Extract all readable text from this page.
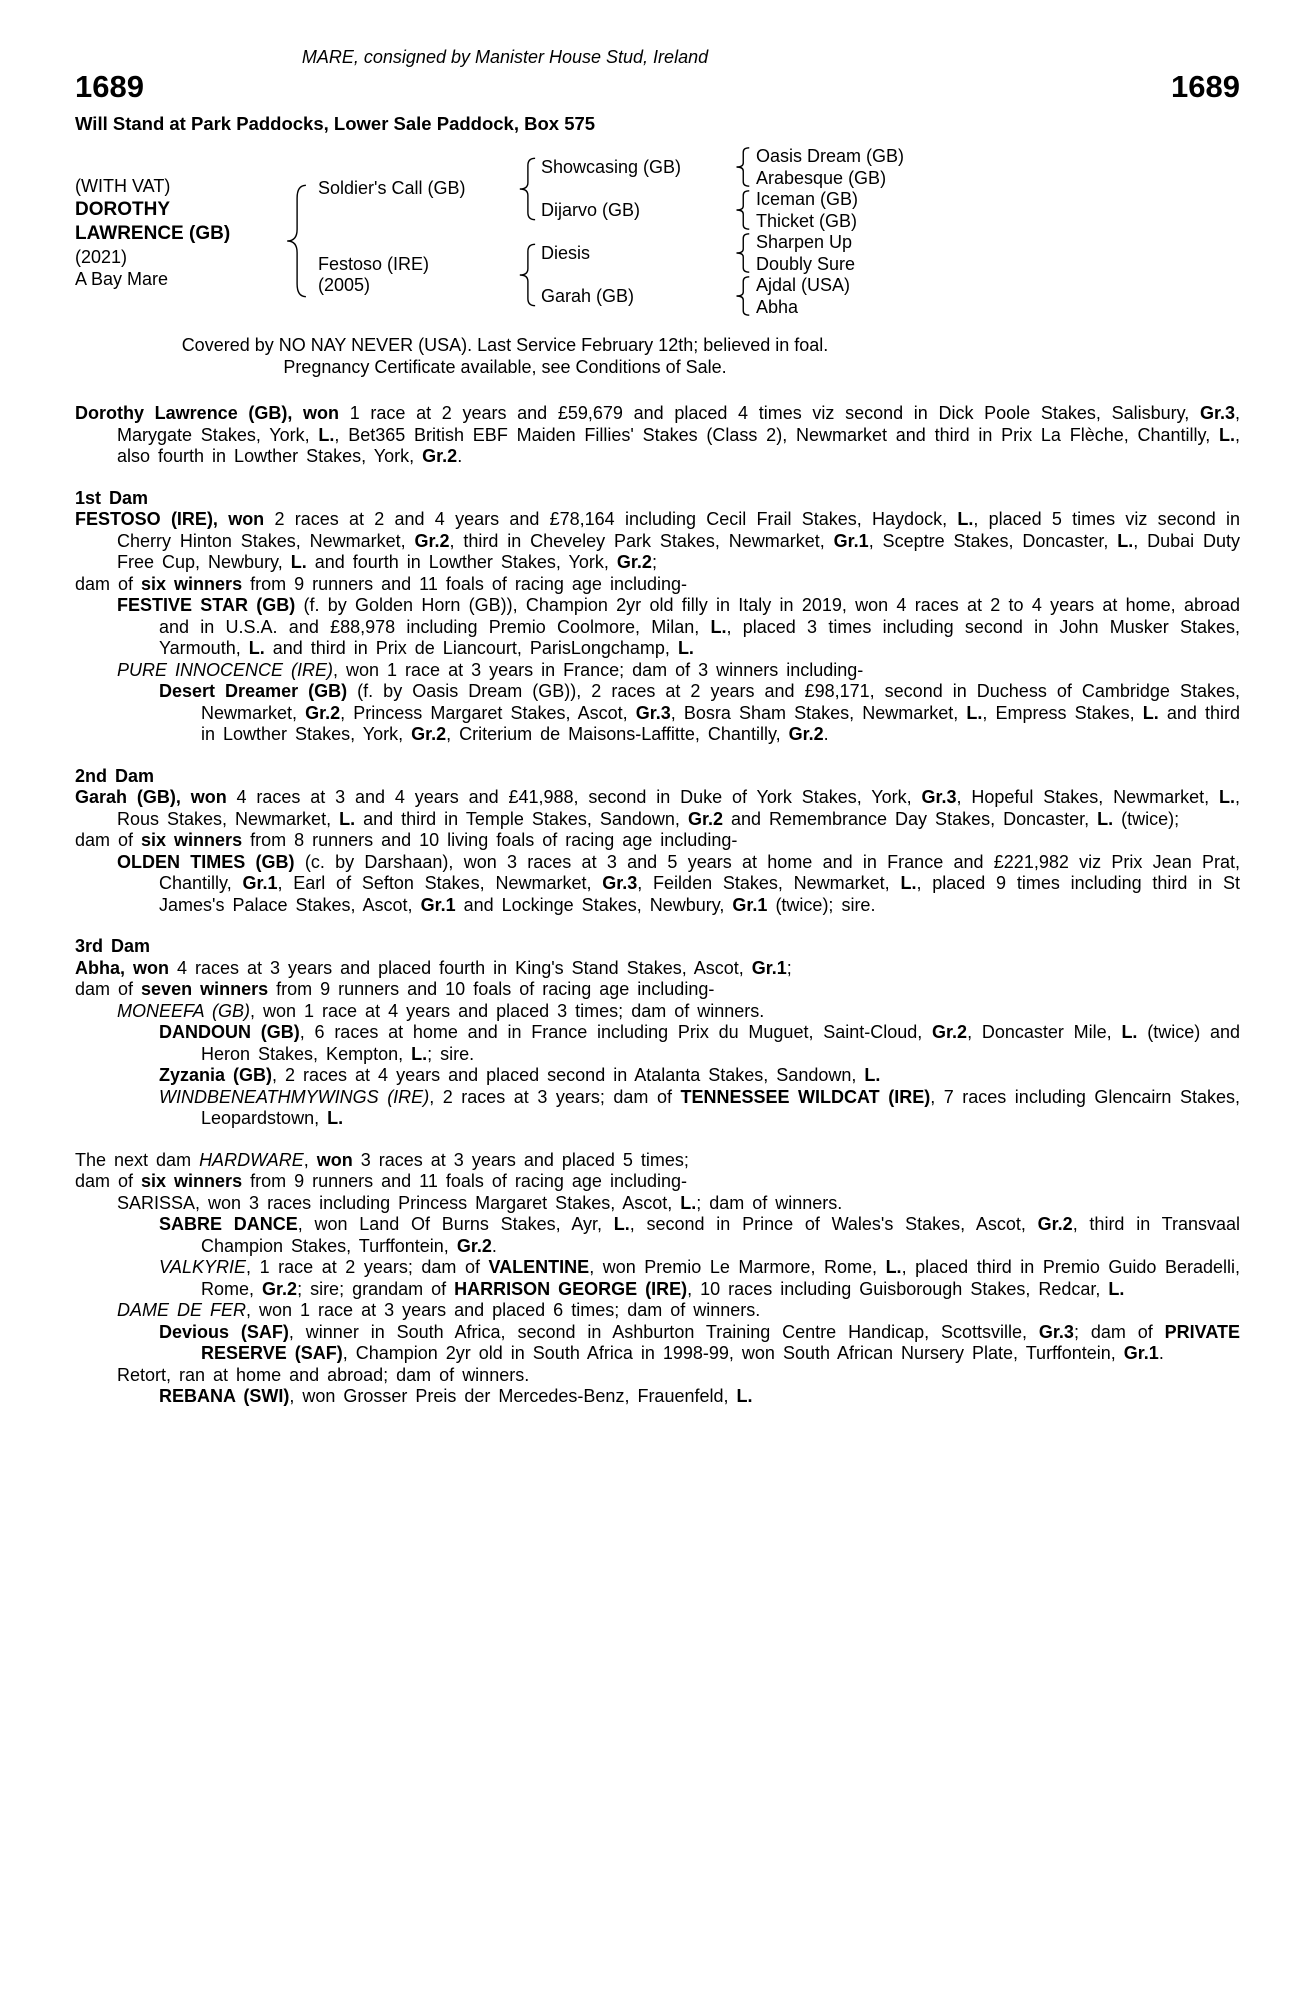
MARE, consigned by Manister House Stud, Ireland
1689	1689
Will Stand at Park Paddocks, Lower Sale Paddock, Box 575
(WITH VAT)
DOROTHY
LAWRENCE (GB)
(2021)
A Bay Mare
Soldier's Call (GB)
Festoso (IRE)
(2005)
Showcasing (GB)
Dijarvo (GB)
Diesis
Garah (GB)
Oasis Dream (GB)
Arabesque (GB)
Iceman (GB)
Thicket (GB)
Sharpen Up
Doubly Sure
Ajdal (USA)
Abha
Covered by NO NAY NEVER (USA). Last Service February 12th; believed in foal.
Pregnancy Certificate available, see Conditions of Sale.

Dorothy Lawrence (GB), won 1 race at 2 years and £59,679 and placed 4 times viz second in Dick Poole Stakes, Salisbury, Gr.3, Marygate Stakes, York, L., Bet365 British EBF Maiden Fillies' Stakes (Class 2), Newmarket and third in Prix La Flèche, Chantilly, L., also fourth in Lowther Stakes, York, Gr.2.

1st Dam

FESTOSO (IRE), won 2 races at 2 and 4 years and £78,164 including Cecil Frail Stakes, Haydock, L., placed 5 times viz second in Cherry Hinton Stakes, Newmarket, Gr.2, third in Cheveley Park Stakes, Newmarket, Gr.1, Sceptre Stakes, Doncaster, L., Dubai Duty Free Cup, Newbury, L. and fourth in Lowther Stakes, York, Gr.2;

dam of six winners from 9 runners and 11 foals of racing age including-

FESTIVE STAR (GB) (f. by Golden Horn (GB)), Champion 2yr old filly in Italy in 2019, won 4 races at 2 to 4 years at home, abroad and in U.S.A. and £88,978 including Premio Coolmore, Milan, L., placed 3 times including second in John Musker Stakes, Yarmouth, L. and third in Prix de Liancourt, ParisLongchamp, L.

PURE INNOCENCE (IRE), won 1 race at 3 years in France; dam of 3 winners including-

Desert Dreamer (GB) (f. by Oasis Dream (GB)), 2 races at 2 years and £98,171, second in Duchess of Cambridge Stakes, Newmarket, Gr.2, Princess Margaret Stakes, Ascot, Gr.3, Bosra Sham Stakes, Newmarket, L., Empress Stakes, L. and third in Lowther Stakes, York, Gr.2, Criterium de Maisons-Laffitte, Chantilly, Gr.2.

2nd Dam

Garah (GB), won 4 races at 3 and 4 years and £41,988, second in Duke of York Stakes, York, Gr.3, Hopeful Stakes, Newmarket, L., Rous Stakes, Newmarket, L. and third in Temple Stakes, Sandown, Gr.2 and Remembrance Day Stakes, Doncaster, L. (twice);

dam of six winners from 8 runners and 10 living foals of racing age including-

OLDEN TIMES (GB) (c. by Darshaan), won 3 races at 3 and 5 years at home and in France and £221,982 viz Prix Jean Prat, Chantilly, Gr.1, Earl of Sefton Stakes, Newmarket, Gr.3, Feilden Stakes, Newmarket, L., placed 9 times including third in St James's Palace Stakes, Ascot, Gr.1 and Lockinge Stakes, Newbury, Gr.1 (twice); sire.

3rd Dam

Abha, won 4 races at 3 years and placed fourth in King's Stand Stakes, Ascot, Gr.1;

dam of seven winners from 9 runners and 10 foals of racing age including-

MONEEFA (GB), won 1 race at 4 years and placed 3 times; dam of winners.

DANDOUN (GB), 6 races at home and in France including Prix du Muguet, Saint-Cloud, Gr.2, Doncaster Mile, L. (twice) and Heron Stakes, Kempton, L.; sire.

Zyzania (GB), 2 races at 4 years and placed second in Atalanta Stakes, Sandown, L.

WINDBENEATHMYWINGS (IRE), 2 races at 3 years; dam of TENNESSEE WILDCAT (IRE), 7 races including Glencairn Stakes, Leopardstown, L.

The next dam HARDWARE, won 3 races at 3 years and placed 5 times;

dam of six winners from 9 runners and 11 foals of racing age including-

SARISSA, won 3 races including Princess Margaret Stakes, Ascot, L.; dam of winners.

SABRE DANCE, won Land Of Burns Stakes, Ayr, L., second in Prince of Wales's Stakes, Ascot, Gr.2, third in Transvaal Champion Stakes, Turffontein, Gr.2.

VALKYRIE, 1 race at 2 years; dam of VALENTINE, won Premio Le Marmore, Rome, L., placed third in Premio Guido Beradelli, Rome, Gr.2; sire; grandam of HARRISON GEORGE (IRE), 10 races including Guisborough Stakes, Redcar, L.

DAME DE FER, won 1 race at 3 years and placed 6 times; dam of winners.

Devious (SAF), winner in South Africa, second in Ashburton Training Centre Handicap, Scottsville, Gr.3; dam of PRIVATE RESERVE (SAF), Champion 2yr old in South Africa in 1998-99, won South African Nursery Plate, Turffontein, Gr.1.

Retort, ran at home and abroad; dam of winners.

REBANA (SWI), won Grosser Preis der Mercedes-Benz, Frauenfeld, L.
